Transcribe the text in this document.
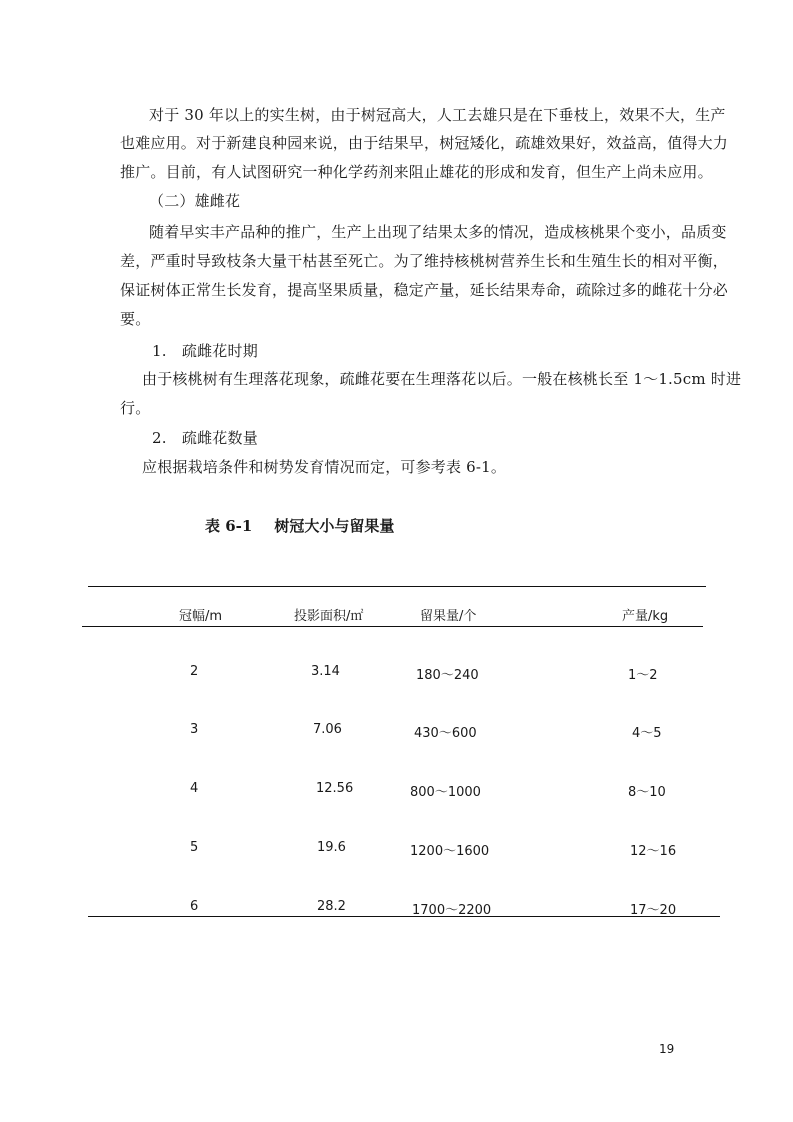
对于 30 年以上的实生树，由于树冠高大，人工去雄只是在下垂枝上，效果不大，生产
也难应用。对于新建良种园来说，由于结果早，树冠矮化，疏雄效果好，效益高，值得大力
推广。目前，有人试图研究一种化学药剂来阻止雄花的形成和发育，但生产上尚未应用。
（二）雄雌花
随着早实丰产品种的推广，生产上出现了结果太多的情况，造成核桃果个变小，品质变
差，严重时导致枝条大量干枯甚至死亡。为了维持核桃树营养生长和生殖生长的相对平衡，
保证树体正常生长发育，提高坚果质量，稳定产量，延长结果寿命，疏除过多的雌花十分必
要。
1.　疏雌花时期
由于核桃树有生理落花现象，疏雌花要在生理落花以后。一般在核桃长至 1～1.5cm 时进
行。
2.　疏雌花数量
应根据栽培条件和树势发育情况而定，可参考表 6-1。
表 6-1 树冠大小与留果量
冠幅/m	投影面积/㎡	留果量/个	产量/kg
2	3.14	180～240	1～2
3	7.06	430～600	4～5
4	12.56	800～1000	8～10
5	19.6	1200～1600	12～16
6	28.2	1700～2200	17～20
19
